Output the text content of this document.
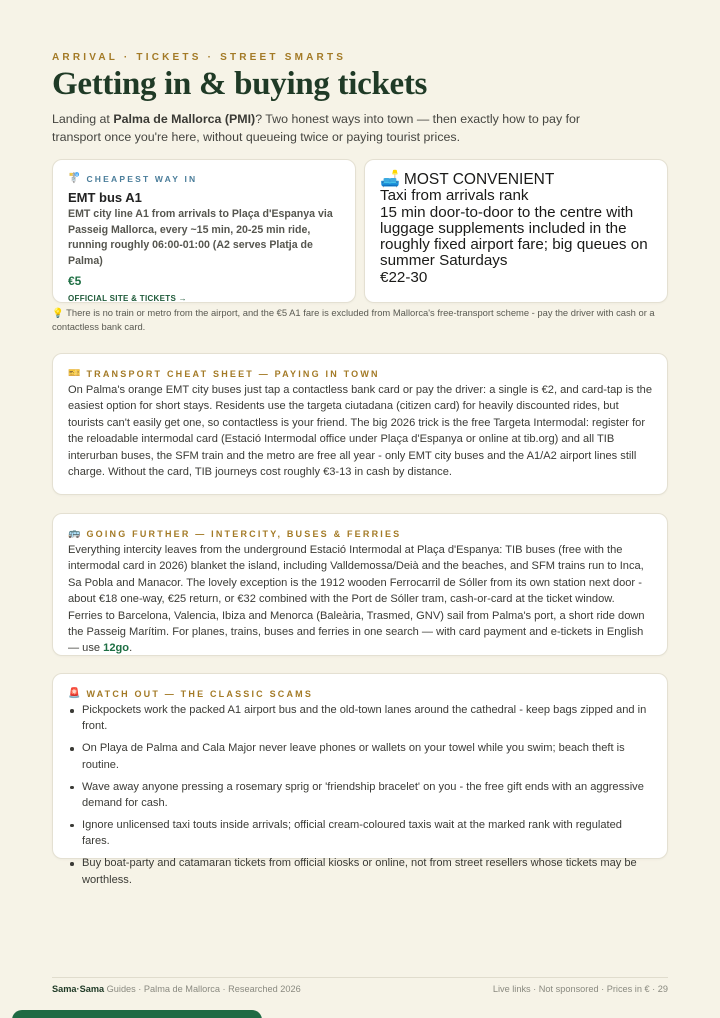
ARRIVAL · TICKETS · STREET SMARTS
Getting in & buying tickets

Landing at Palma de Mallorca (PMI)? Two honest ways into town — then exactly how to pay for transport once you're here, without queueing twice or paying tourist prices.

🚏 CHEAPEST WAY IN
EMT bus A1
EMT city line A1 from arrivals to Plaça d'Espanya via Passeig Mallorca, every ~15 min, 20-25 min ride, running roughly 06:00-01:00 (A2 serves Platja de Palma)
€5
OFFICIAL SITE & TICKETS →
🛋️ MOST CONVENIENT
Taxi from arrivals rank
15 min door-to-door to the centre with luggage supplements included in the roughly fixed airport fare; big queues on summer Saturdays
€22-30

💡 There is no train or metro from the airport, and the €5 A1 fare is excluded from Mallorca's free-transport scheme - pay the driver with cash or a contactless bank card.

🎫 TRANSPORT CHEAT SHEET — PAYING IN TOWN

On Palma's orange EMT city buses just tap a contactless bank card or pay the driver: a single is €2, and card-tap is the easiest option for short stays. Residents use the targeta ciutadana (citizen card) for heavily discounted rides, but tourists can't easily get one, so contactless is your friend. The big 2026 trick is the free Targeta Intermodal: register for the reloadable intermodal card (Estació Intermodal office under Plaça d'Espanya or online at tib.org) and all TIB interurban buses, the SFM train and the metro are free all year - only EMT city buses and the A1/A2 airport lines still charge. Without the card, TIB journeys cost roughly €3-13 in cash by distance.

🚌 GOING FURTHER — INTERCITY, BUSES & FERRIES

Everything intercity leaves from the underground Estació Intermodal at Plaça d'Espanya: TIB buses (free with the intermodal card in 2026) blanket the island, including Valldemossa/Deià and the beaches, and SFM trains run to Inca, Sa Pobla and Manacor. The lovely exception is the 1912 wooden Ferrocarril de Sóller from its own station next door - about €18 one-way, €25 return, or €32 combined with the Port de Sóller tram, cash-or-card at the ticket window. Ferries to Barcelona, Valencia, Ibiza and Menorca (Baleària, Trasmed, GNV) sail from Palma's port, a short ride down the Passeig Marítim. For planes, trains, buses and ferries in one search — with card payment and e-tickets in English — use 12go.

🚨 WATCH OUT — THE CLASSIC SCAMS
Pickpockets work the packed A1 airport bus and the old-town lanes around the cathedral - keep bags zipped and in front.
On Playa de Palma and Cala Major never leave phones or wallets on your towel while you swim; beach theft is routine.
Wave away anyone pressing a rosemary sprig or 'friendship bracelet' on you - the free gift ends with an aggressive demand for cash.
Ignore unlicensed taxi touts inside arrivals; official cream-coloured taxis wait at the marked rank with regulated fares.
Buy boat-party and catamaran tickets from official kiosks or online, not from street resellers whose tickets may be worthless.
Sama·Sama Guides · Palma de Mallorca · Researched 2026	Live links · Not sponsored · Prices in € · 29
